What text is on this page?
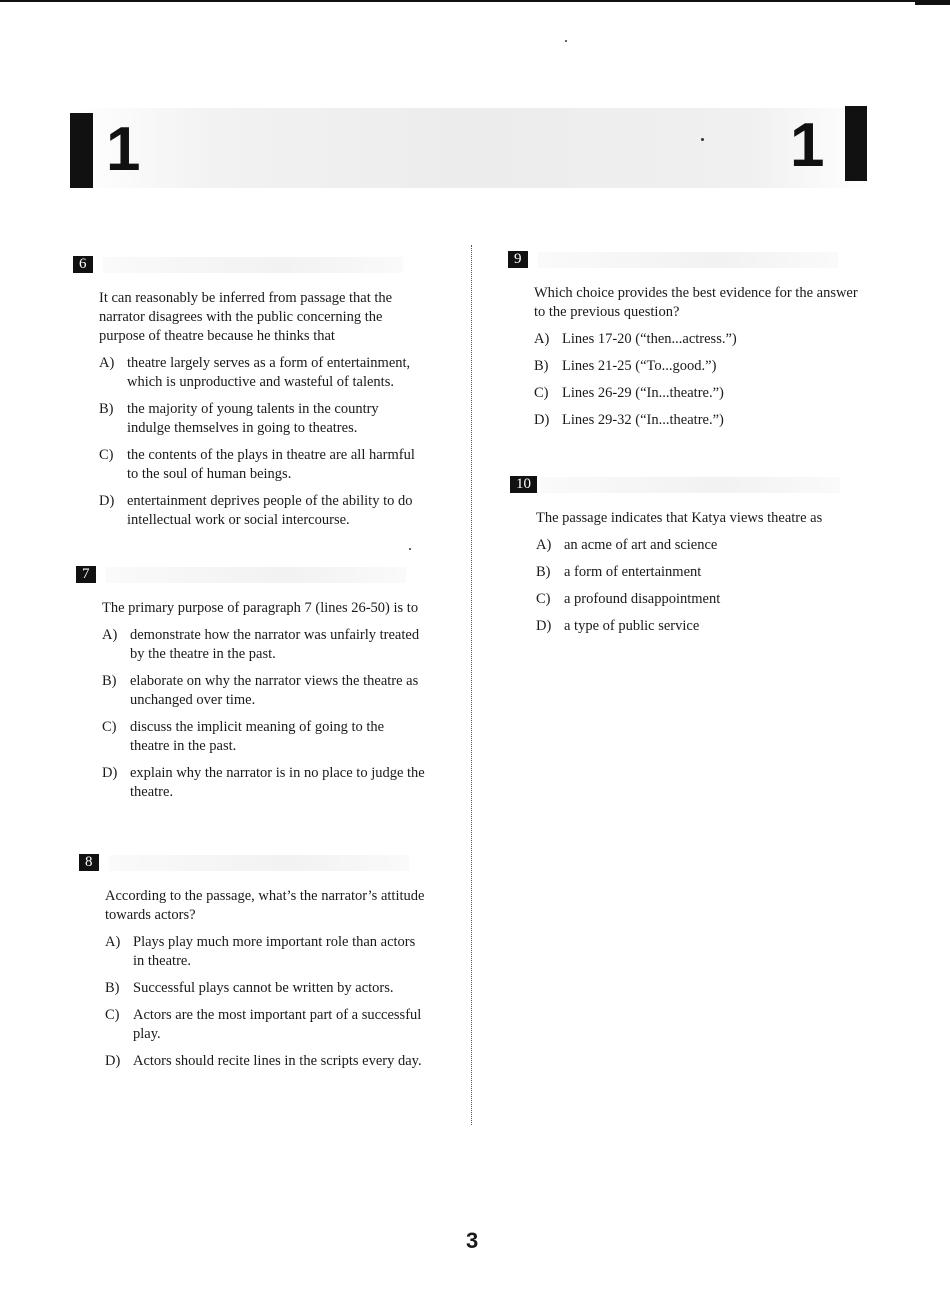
1	1
6

It can reasonably be inferred from passage that the narrator disagrees with the public concerning the purpose of theatre because he thinks that

A) theatre largely serves as a form of entertainment, which is unproductive and wasteful of talents.
B) the majority of young talents in the country indulge themselves in going to theatres.
C) the contents of the plays in theatre are all harmful to the soul of human beings.
D) entertainment deprives people of the ability to do intellectual work or social intercourse.
7

The primary purpose of paragraph 7 (lines 26-50) is to

A) demonstrate how the narrator was unfairly treated by the theatre in the past.
B) elaborate on why the narrator views the theatre as unchanged over time.
C) discuss the implicit meaning of going to the theatre in the past.
D) explain why the narrator is in no place to judge the theatre.
8

According to the passage, what’s the narrator’s attitude towards actors?

A) Plays play much more important role than actors in theatre.
B) Successful plays cannot be written by actors.
C) Actors are the most important part of a successful play.
D) Actors should recite lines in the scripts every day.
9

Which choice provides the best evidence for the answer to the previous question?

A) Lines 17-20 (“then...actress.”)
B) Lines 21-25 (“To...good.”)
C) Lines 26-29 (“In...theatre.”)
D) Lines 29-32 (“In...theatre.”)
10

The passage indicates that Katya views theatre as

A) an acme of art and science
B) a form of entertainment
C) a profound disappointment
D) a type of public service
3
